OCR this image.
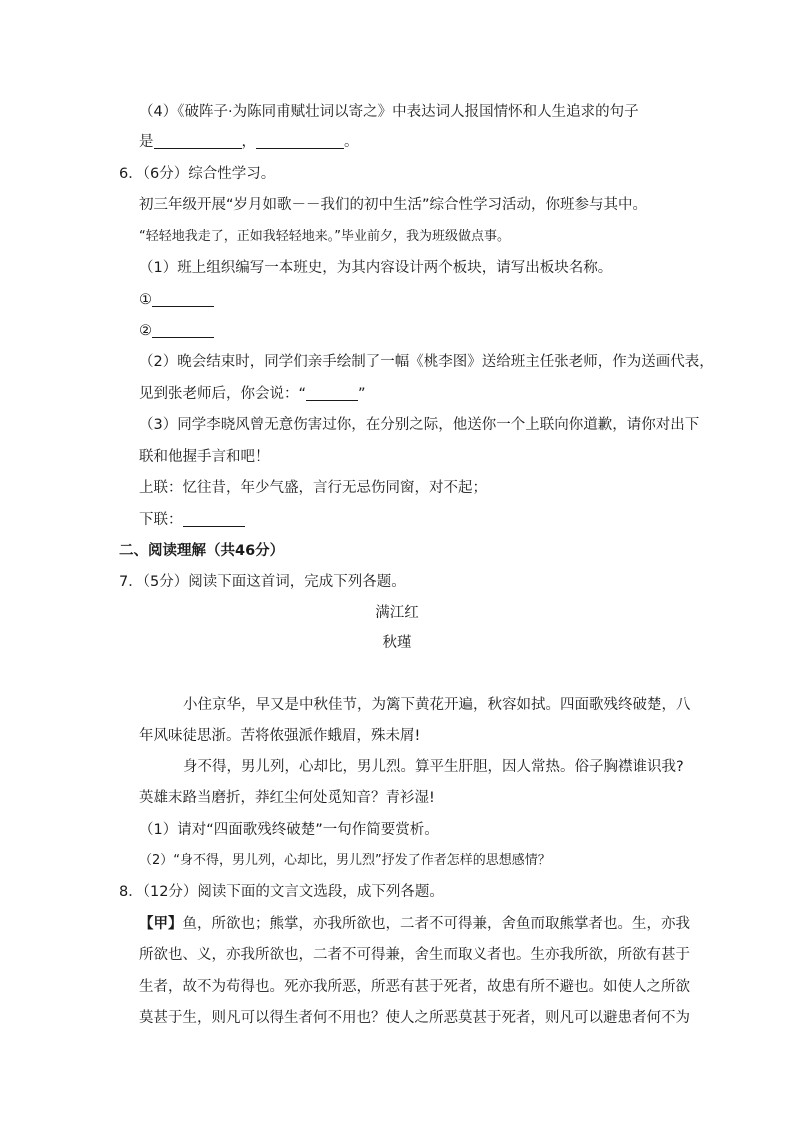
（4）《破阵子·为陈同甫赋壮词以寄之》中表达词人报国情怀和人生追求的句子
是	，	。
6．（6分）综合性学习。
初三年级开展“岁月如歌－－我们的初中生活”综合性学习活动，你班参与其中。
“轻轻地我走了，正如我轻轻地来。”毕业前夕，我为班级做点事。
（1）班上组织编写一本班史，为其内容设计两个板块，请写出板块名称。
①
②
（2）晚会结束时，同学们亲手绘制了一幅《桃李图》送给班主任张老师，作为送画代表，
见到张老师后，你会说：“	”
（3）同学李晓风曾无意伤害过你，在分别之际，他送你一个上联向你道歉，请你对出下
联和他握手言和吧！
上联：忆往昔，年少气盛，言行无忌伤同窗，对不起；
下联：
二、阅读理解（共46分）
7．（5分）阅读下面这首词，完成下列各题。
满江红
秋瑾
小住京华，早又是中秋佳节，为篱下黄花开遍，秋容如拭。四面歌残终破楚，八
年风味徒思浙。苦将侬强派作蛾眉，殊未屑!
身不得，男儿列，心却比，男儿烈。算平生肝胆，因人常热。俗子胸襟谁识我?
英雄末路当磨折，莽红尘何处觅知音？青衫湿!
（1）请对“四面歌残终破楚”一句作简要赏析。
（2）“身不得，男儿列，心却比，男儿烈”抒发了作者怎样的思想感情？
8．（12分）阅读下面的文言文选段，成下列各题。
【甲】鱼，所欲也；熊掌，亦我所欲也，二者不可得兼，舍鱼而取熊掌者也。生，亦我
所欲也、义，亦我所欲也，二者不可得兼，舍生而取义者也。生亦我所欲，所欲有甚于
生者，故不为苟得也。死亦我所恶，所恶有甚于死者，故患有所不避也。如使人之所欲
莫甚于生，则凡可以得生者何不用也？使人之所恶莫甚于死者，则凡可以避患者何不为
